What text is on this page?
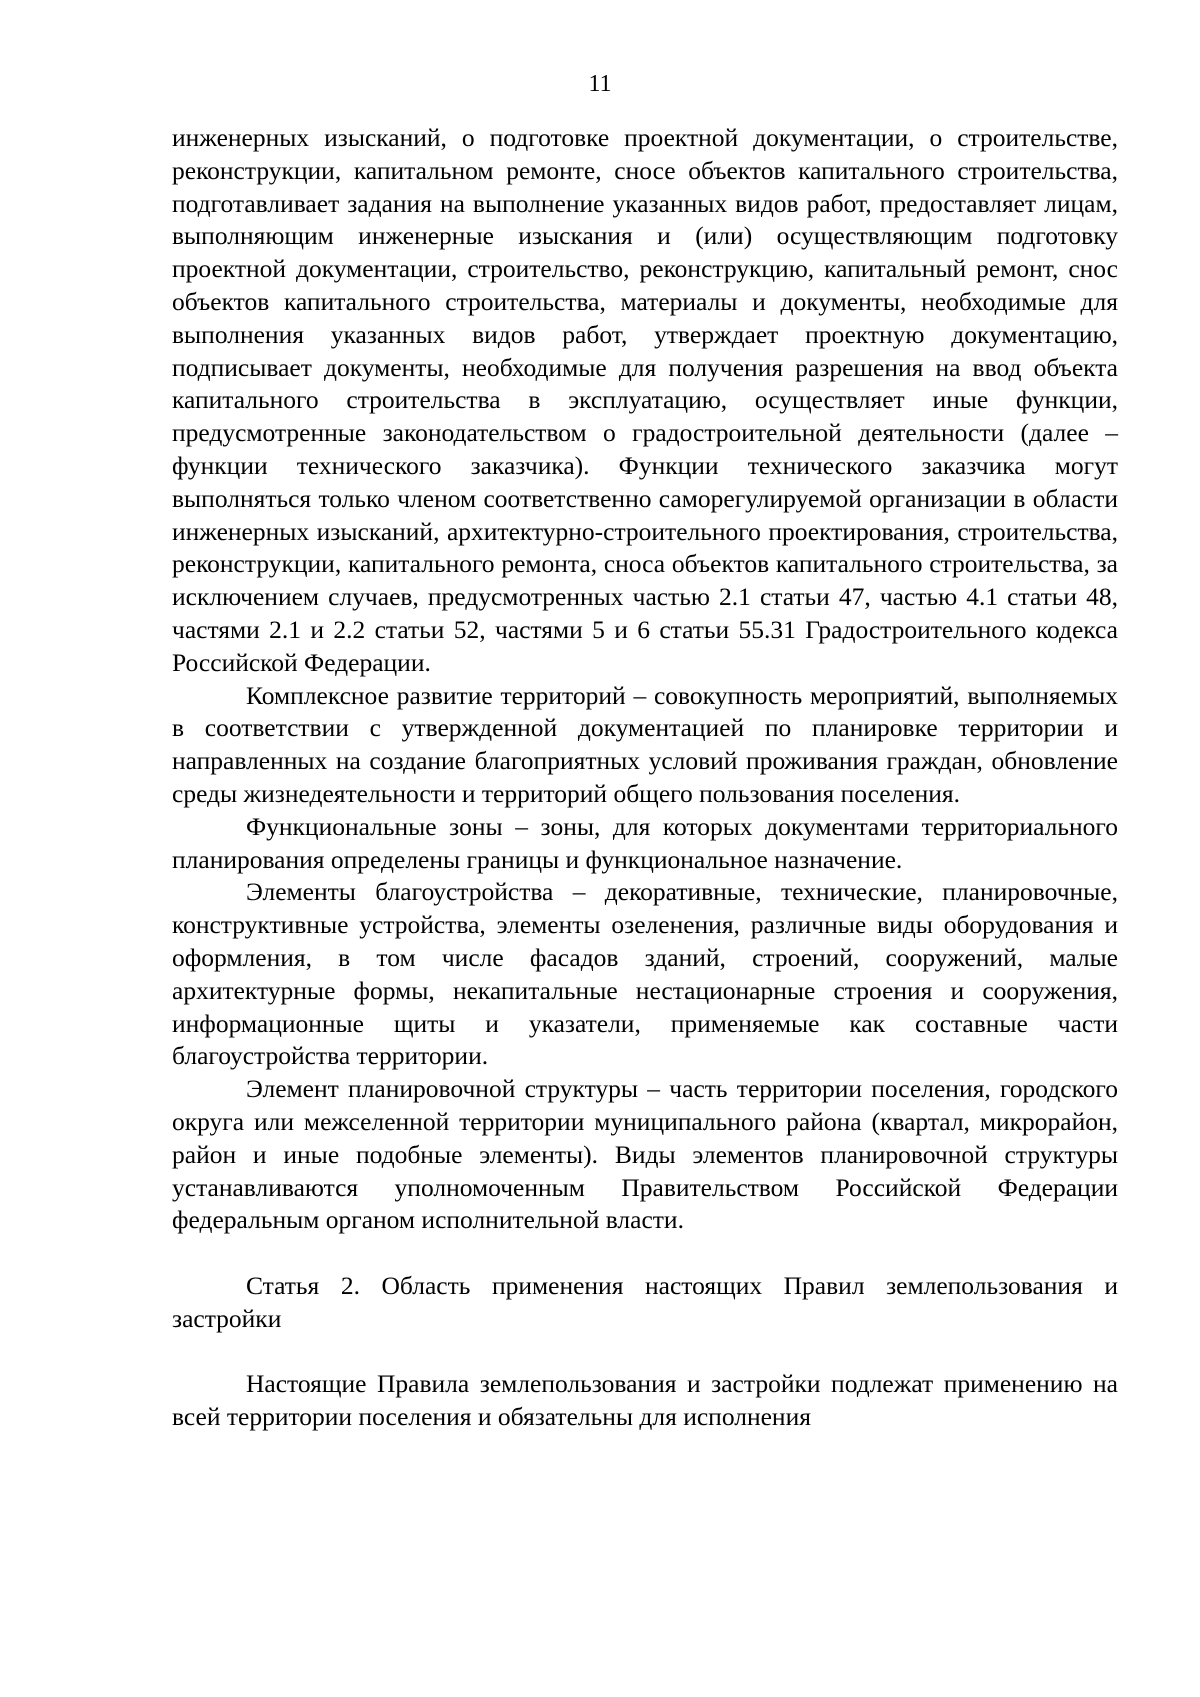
11

инженерных изысканий, о подготовке проектной документации, о строительстве, реконструкции, капитальном ремонте, сносе объектов капитального строительства, подготавливает задания на выполнение указанных видов работ, предоставляет лицам, выполняющим инженерные изыскания и (или) осуществляющим подготовку проектной документации, строительство, реконструкцию, капитальный ремонт, снос объектов капитального строительства, материалы и документы, необходимые для выполнения указанных видов работ, утверждает проектную документацию, подписывает документы, необходимые для получения разрешения на ввод объекта капитального строительства в эксплуатацию, осуществляет иные функции, предусмотренные законодательством о градостроительной деятельности (далее – функции технического заказчика). Функции технического заказчика могут выполняться только членом соответственно саморегулируемой организации в области инженерных изысканий, архитектурно-строительного проектирования, строительства, реконструкции, капитального ремонта, сноса объектов капитального строительства, за исключением случаев, предусмотренных частью 2.1 статьи 47, частью 4.1 статьи 48, частями 2.1 и 2.2 статьи 52, частями 5 и 6 статьи 55.31 Градостроительного кодекса Российской Федерации.

Комплексное развитие территорий – совокупность мероприятий, выполняемых в соответствии с утвержденной документацией по планировке территории и направленных на создание благоприятных условий проживания граждан, обновление среды жизнедеятельности и территорий общего пользования поселения.

Функциональные зоны – зоны, для которых документами территориального планирования определены границы и функциональное назначение.

Элементы благоустройства – декоративные, технические, планировочные, конструктивные устройства, элементы озеленения, различные виды оборудования и оформления, в том числе фасадов зданий, строений, сооружений, малые архитектурные формы, некапитальные нестационарные строения и сооружения, информационные щиты и указатели, применяемые как составные части благоустройства территории.

Элемент планировочной структуры – часть территории поселения, городского округа или межселенной территории муниципального района (квартал, микрорайон, район и иные подобные элементы). Виды элементов планировочной структуры устанавливаются уполномоченным Правительством Российской Федерации федеральным органом исполнительной власти.

Статья 2. Область применения настоящих Правил землепользования и застройки

Настоящие Правила землепользования и застройки подлежат применению на всей территории поселения и обязательны для исполнения
